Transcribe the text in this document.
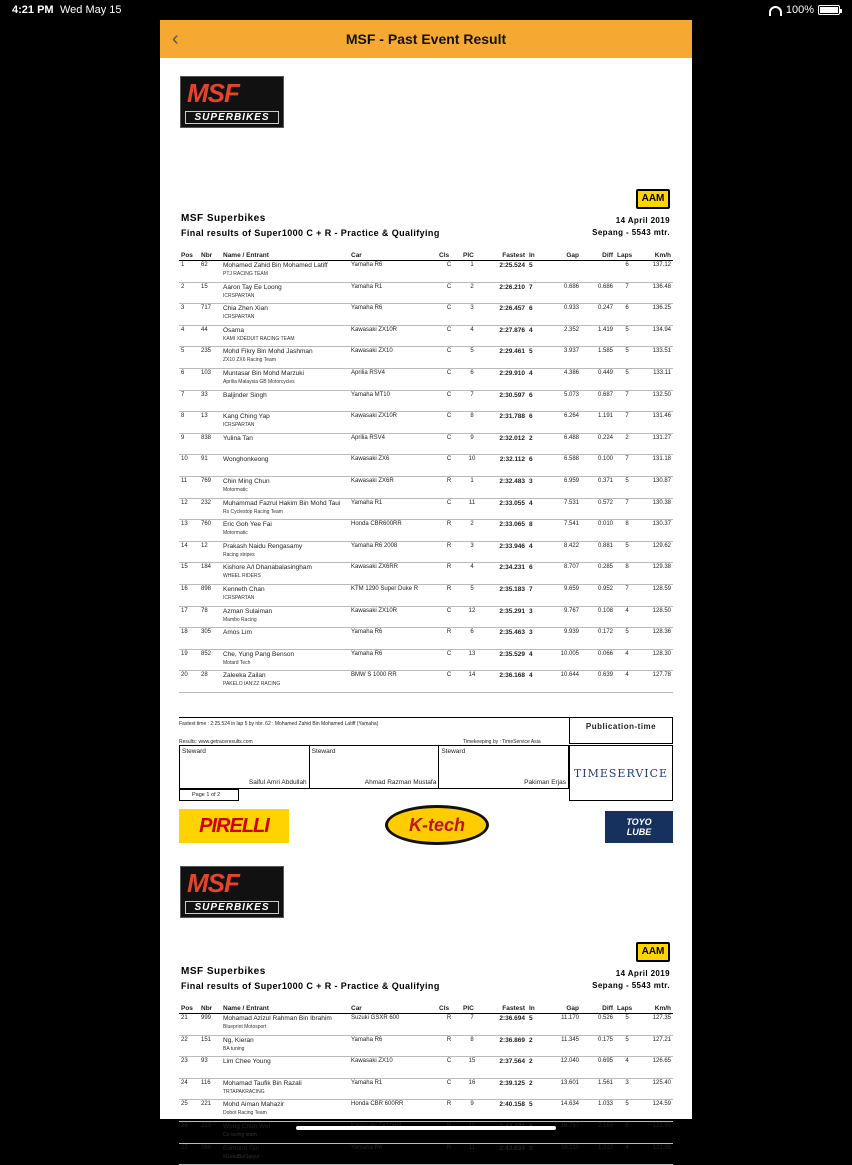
4:21 PM Wed May 15	100%
‹	MSF - Past Event Result
MSF
SUPERBIKES
AAM
MSF Superbikes
Final results of Super1000 C + R - Practice & Qualifying
14 April 2019
Sepang - 5543 mtr.
Pos	Nbr	Name / Entrant	Car	Cls	PIC	Fastest	In	Gap	Diff	Laps	Km/h
1	62	Mohamed Zahid Bin Mohamed Latiff
PTJ RACING TEAM	Yamaha R6	C	1	2:25.524	5			6	137.12
2	15	Aaron Tay Ee Loong
ICRSPARTAN	Yamaha R1	C	2	2:26.210	7	0.686	0.686	7	136.48
3	717	Chia Zhen Xian
ICRSPARTAN	Yamaha R6	C	3	2:26.457	6	0.933	0.247	6	136.25
4	44	Osama
KAMI XDEDUIT RACING TEAM	Kawasaki ZX10R	C	4	2:27.876	4	2.352	1.419	5	134.94
5	235	Mohd Fikry Bin Mohd Jashman
ZX10 ZX6 Racing Team	Kawasaki ZX10	C	5	2:29.461	5	3.937	1.585	5	133.51
6	103	Muntasar Bin Mohd Marzuki
Aprilia Malaysia GB Motorcycles	Aprilia RSV4	C	6	2:29.910	4	4.386	0.449	5	133.11
7	33	Baljinder Singh	Yamaha MT10	C	7	2:30.597	6	5.073	0.687	7	132.50
8	13	Kang Ching Yap
ICRSPARTAN	Kawasaki ZX10R	C	8	2:31.788	6	6.264	1.191	7	131.46
9	838	Yulina Tan	Aprilia RSV4	C	9	2:32.012	2	6.488	0.224	2	131.27
10	91	Wonghonkeong	Kawasaki ZX6	C	10	2:32.112	6	6.588	0.100	7	131.18
11	769	Chin Ming Chun
Motormatic	Kawasaki ZX6R	R	1	2:32.483	3	6.959	0.371	5	130.87
12	232	Muhammad Fazrul Hakim Bin Mohd Taui
Rs Cyclestop Racing Team	Yamaha R1	C	11	2:33.055	4	7.531	0.572	7	130.38
13	760	Eric Goh Yee Fai
Motormatic	Honda CBR600RR	R	2	2:33.065	8	7.541	0.010	8	130.37
14	12	Prakash Naidu Rengasamy
Racing stripes	Yamaha R6 2008	R	3	2:33.946	4	8.422	0.881	5	129.62
15	184	Kishore A/l Dhanabalasingham
WHEEL RIDERS	Kawasaki ZX6RR	R	4	2:34.231	6	8.707	0.285	8	129.38
16	898	Kenneth Chan
ICRSPARTAN	KTM 1290 Super Duke R	R	5	2:35.183	7	9.659	0.952	7	128.59
17	78	Azman Sulaiman
Mambo Racing	Kawasaki ZX10R	C	12	2:35.291	3	9.767	0.108	4	128.50
18	305	Amos Lim	Yamaha R6	R	6	2:35.463	3	9.939	0.172	5	128.36
19	852	Che, Yung Pang Benson
Motard Tech	Yamaha R6	C	13	2:35.529	4	10.005	0.066	4	128.30
20	28	Zaleeka Zailan
PAKELO IAN'ZZ RACING	BMW S 1000 RR	C	14	2:36.168	4	10.644	0.639	4	127.78
Fastest time : 2:25.524 in lap 5 by nbr. 62 : Mohamed Zahid Bin Mohamed Latiff (Yamaha)	Publication-time
Results: www.getraceresults.com	Timekeeping by : TimeService Asia
Steward
Saiful Amri Abdullah
Steward
Ahmad Razman Mustafa
Steward
Pakiman Erjas
TIMESERVICE
Page 1 of 2
PIRELLI	K-tech	TOYO
LUBE
MSF
SUPERBIKES
AAM
MSF Superbikes
Final results of Super1000 C + R - Practice & Qualifying
14 April 2019
Sepang - 5543 mtr.
Pos	Nbr	Name / Entrant	Car	Cls	PIC	Fastest	In	Gap	Diff	Laps	Km/h
21	999	Mohamad Azizul Rahman Bin Ibrahim
Blueprint Motosport	Suzuki GSXR 600	R	7	2:36.694	5	11.170	0.526	5	127.35
22	151	Ng, Kieran
BA tuning	Yamaha R6	R	8	2:36.869	2	11.345	0.175	5	127.21
23	93	Lim Chee Young	Kawasaki ZX10	C	15	2:37.564	2	12.040	0.695	4	126.65
24	116	Mohamad Taufik Bin Razali
TRTAPAKRACING	Yamaha R1	C	16	2:39.125	2	13.601	1.561	3	125.40
25	221	Mohd Aiman Mahazir
Dobot Racing Team	Honda CBR 600RR	R	9	2:40.158	5	14.634	1.033	5	124.59
26	223	Wong Chun Wei
Cx racing team						16.797	2.163	6	122.93
27	266	Edmond Tan
#GoodBoiSaiyur	Yamaha R6	R	11	2:43.634	3	18.110	1.313	4	121.95
